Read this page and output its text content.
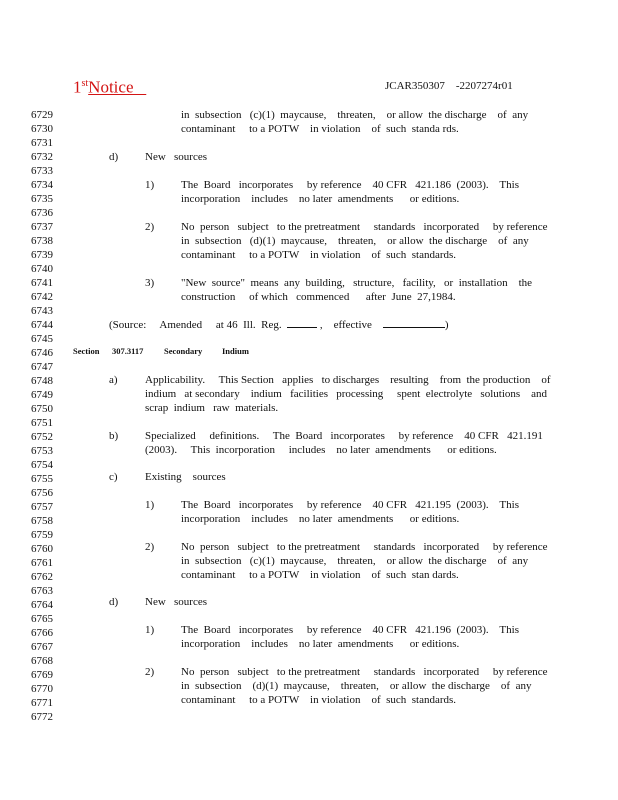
1stNotice	JCAR350307    -2207274r01
6729
6730
6731
6732
6733
6734
6735
6736
6737
6738
6739
6740
6741
6742
6743
6744
6745
6746
6747
6748
6749
6750
6751
6752
6753
6754
6755
6756
6757
6758
6759
6760
6761
6762
6763
6764
6765
6766
6767
6768
6769
6770
6771
6772
in  subsection   (c)(1)  maycause,    threaten,    or allow  the discharge    of  any
contaminant     to a POTW    in violation    of  such  standa rds.
d) New   sources
1) The  Board   incorporates     by reference    40 CFR   421.186  (2003).    This
incorporation    includes    no later  amendments      or editions.
2) No  person   subject   to the pretreatment     standards   incorporated     by reference
in  subsection   (d)(1)  maycause,    threaten,    or allow  the discharge    of  any
contaminant     to a POTW    in violation    of  such  standards.
3) "New  source"  means  any  building,   structure,   facility,   or  installation    the
construction     of which   commenced      after  June  27,1984.
(Source:     Amended     at 46  Ill.  Reg.	,    effective	)
Section 307.3117 Secondary Indium
a) Applicability.     This Section   applies   to discharges    resulting    from  the production    of
indium   at secondary    indium   facilities   processing     spent  electrolyte   solutions    and
scrap  indium   raw  materials.
b) Specialized     definitions.     The  Board   incorporates     by reference    40 CFR   421.191
(2003).     This  incorporation     includes    no later  amendments      or editions.
c) Existing    sources
1) The  Board   incorporates     by reference    40 CFR   421.195  (2003).    This
incorporation    includes    no later  amendments      or editions.
2) No  person   subject   to the pretreatment     standards   incorporated     by reference
in  subsection   (c)(1)  maycause,    threaten,    or allow  the discharge    of  any
contaminant     to a POTW    in violation    of  such  stan dards.
d) New   sources
1) The  Board   incorporates     by reference    40 CFR   421.196  (2003).    This
incorporation    includes    no later  amendments      or editions.
2) No  person   subject   to the pretreatment     standards   incorporated     by reference
in  subsection    (d)(1)  maycause,    threaten,    or allow  the discharge    of  any
contaminant     to a POTW    in violation    of  such  standards.
